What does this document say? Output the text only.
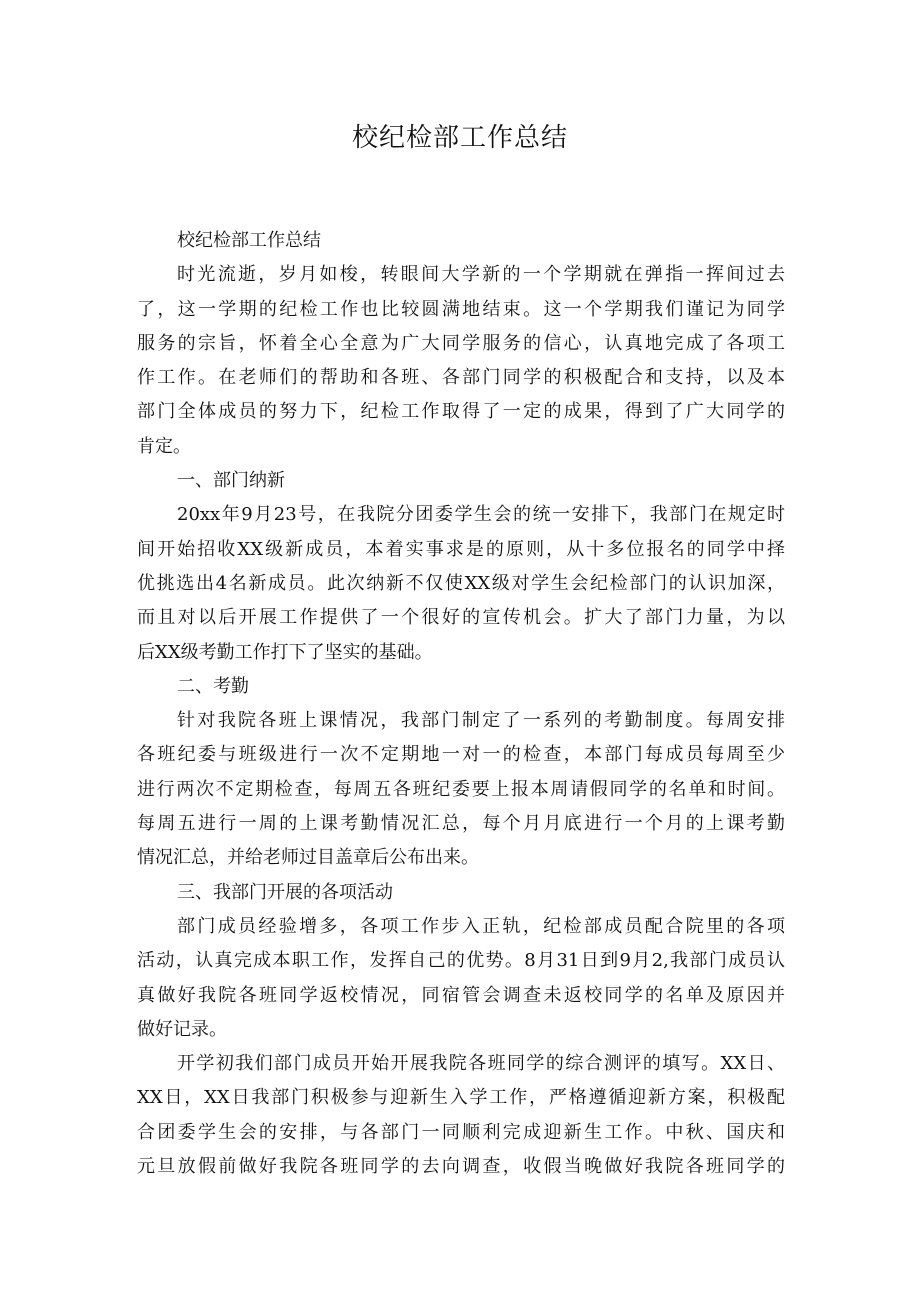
校纪检部工作总结
校纪检部工作总结
时光流逝，岁月如梭，转眼间大学新的一个学期就在弹指一挥间过去
了，这一学期的纪检工作也比较圆满地结束。这一个学期我们谨记为同学
服务的宗旨，怀着全心全意为广大同学服务的信心，认真地完成了各项工
作工作。在老师们的帮助和各班、各部门同学的积极配合和支持，以及本
部门全体成员的努力下，纪检工作取得了一定的成果，得到了广大同学的
肯定。
一、部门纳新
20xx年9月23号，在我院分团委学生会的统一安排下，我部门在规定时
间开始招收XX级新成员，本着实事求是的原则，从十多位报名的同学中择
优挑选出4名新成员。此次纳新不仅使XX级对学生会纪检部门的认识加深，
而且对以后开展工作提供了一个很好的宣传机会。扩大了部门力量，为以
后XX级考勤工作打下了坚实的基础。
二、考勤
针对我院各班上课情况，我部门制定了一系列的考勤制度。每周安排
各班纪委与班级进行一次不定期地一对一的检查，本部门每成员每周至少
进行两次不定期检查，每周五各班纪委要上报本周请假同学的名单和时间。
每周五进行一周的上课考勤情况汇总，每个月月底进行一个月的上课考勤
情况汇总，并给老师过目盖章后公布出来。
三、我部门开展的各项活动
部门成员经验增多，各项工作步入正轨，纪检部成员配合院里的各项
活动，认真完成本职工作，发挥自己的优势。8月31日到9月2,我部门成员认
真做好我院各班同学返校情况，同宿管会调查未返校同学的名单及原因并
做好记录。
开学初我们部门成员开始开展我院各班同学的综合测评的填写。XX日、
XX日，XX日我部门积极参与迎新生入学工作，严格遵循迎新方案，积极配
合团委学生会的安排，与各部门一同顺利完成迎新生工作。中秋、国庆和
元旦放假前做好我院各班同学的去向调查，收假当晚做好我院各班同学的
